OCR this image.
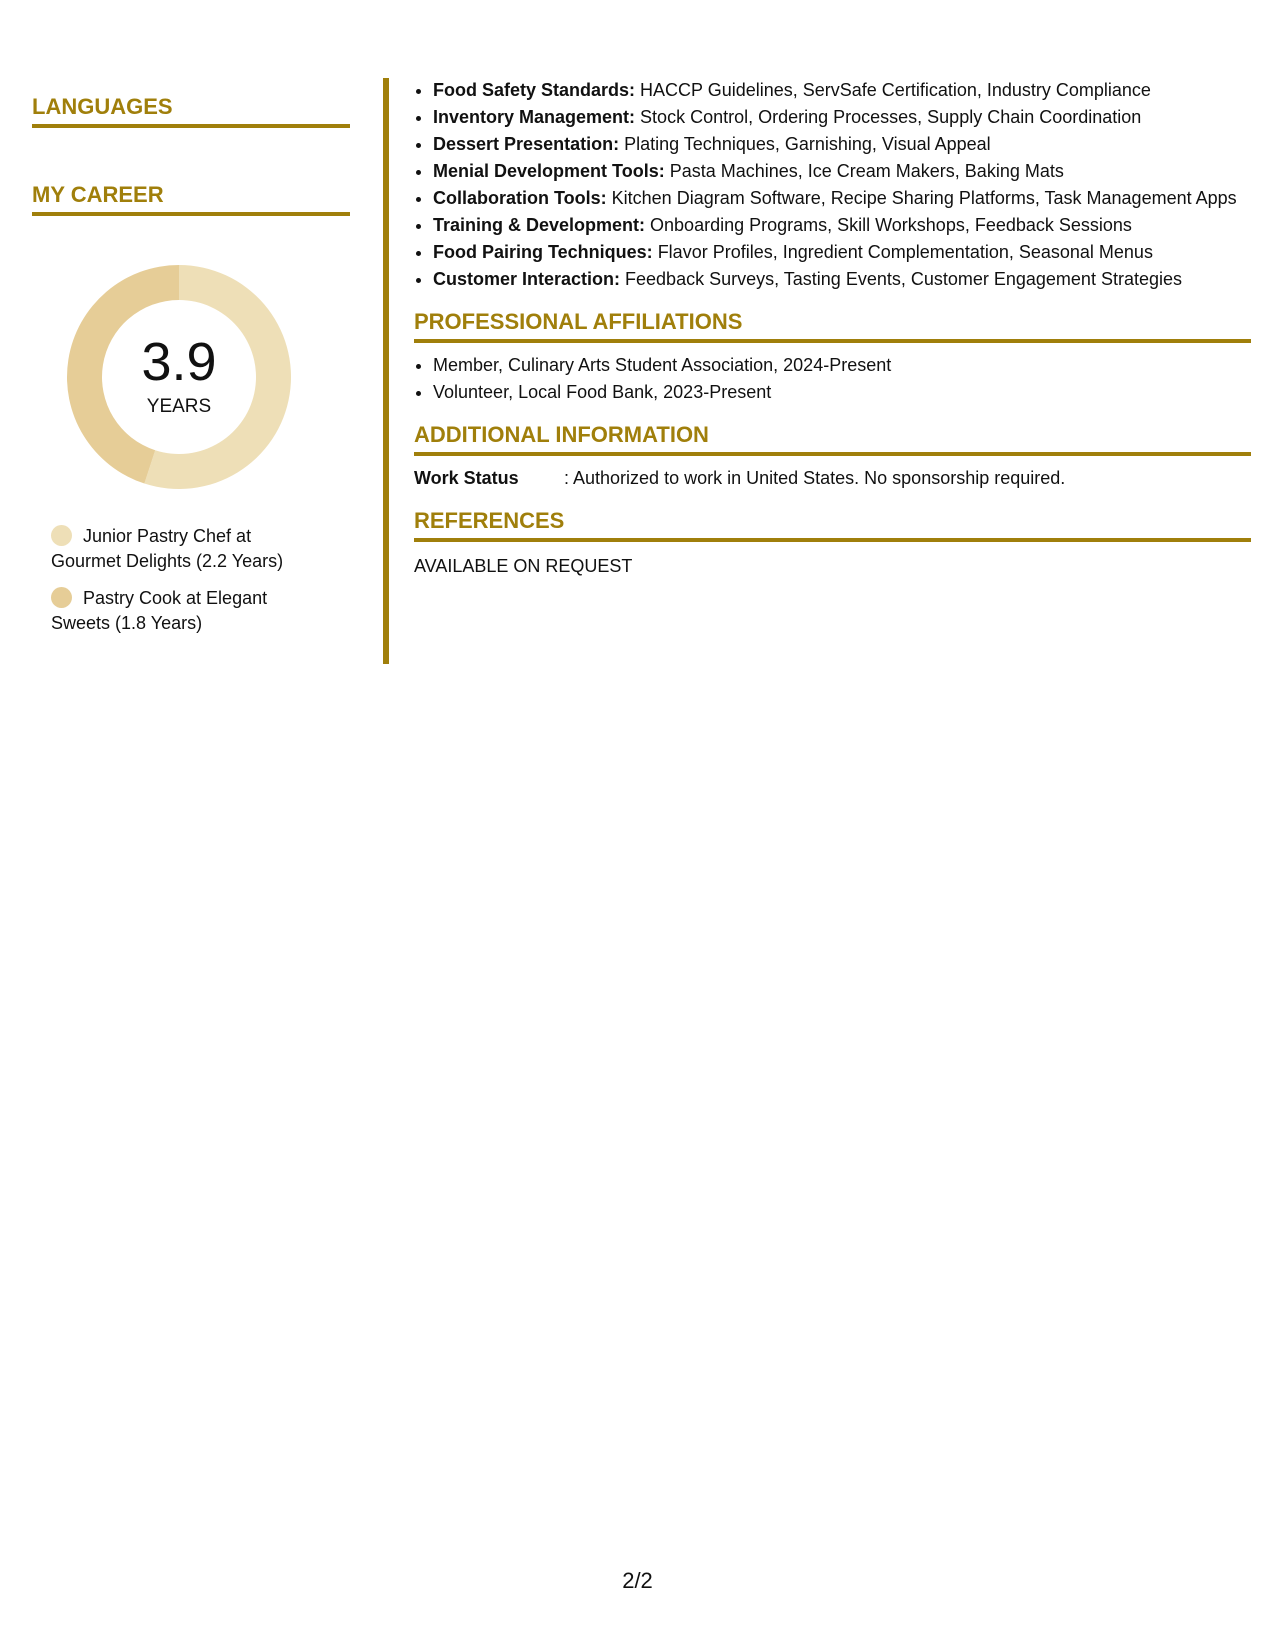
LANGUAGES
MY CAREER
3.9
YEARS
Junior Pastry Chef at Gourmet Delights (2.2 Years)
Pastry Cook at Elegant Sweets (1.8 Years)
• Food Safety Standards: HACCP Guidelines, ServSafe Certification, Industry Compliance
• Inventory Management: Stock Control, Ordering Processes, Supply Chain Coordination
• Dessert Presentation: Plating Techniques, Garnishing, Visual Appeal
• Menial Development Tools: Pasta Machines, Ice Cream Makers, Baking Mats
• Collaboration Tools: Kitchen Diagram Software, Recipe Sharing Platforms, Task Management Apps
• Training & Development: Onboarding Programs, Skill Workshops, Feedback Sessions
• Food Pairing Techniques: Flavor Profiles, Ingredient Complementation, Seasonal Menus
• Customer Interaction: Feedback Surveys, Tasting Events, Customer Engagement Strategies
PROFESSIONAL AFFILIATIONS
• Member, Culinary Arts Student Association, 2024-Present
• Volunteer, Local Food Bank, 2023-Present
ADDITIONAL INFORMATION
Work Status	: Authorized to work in United States. No sponsorship required.
REFERENCES
AVAILABLE ON REQUEST
2/2
